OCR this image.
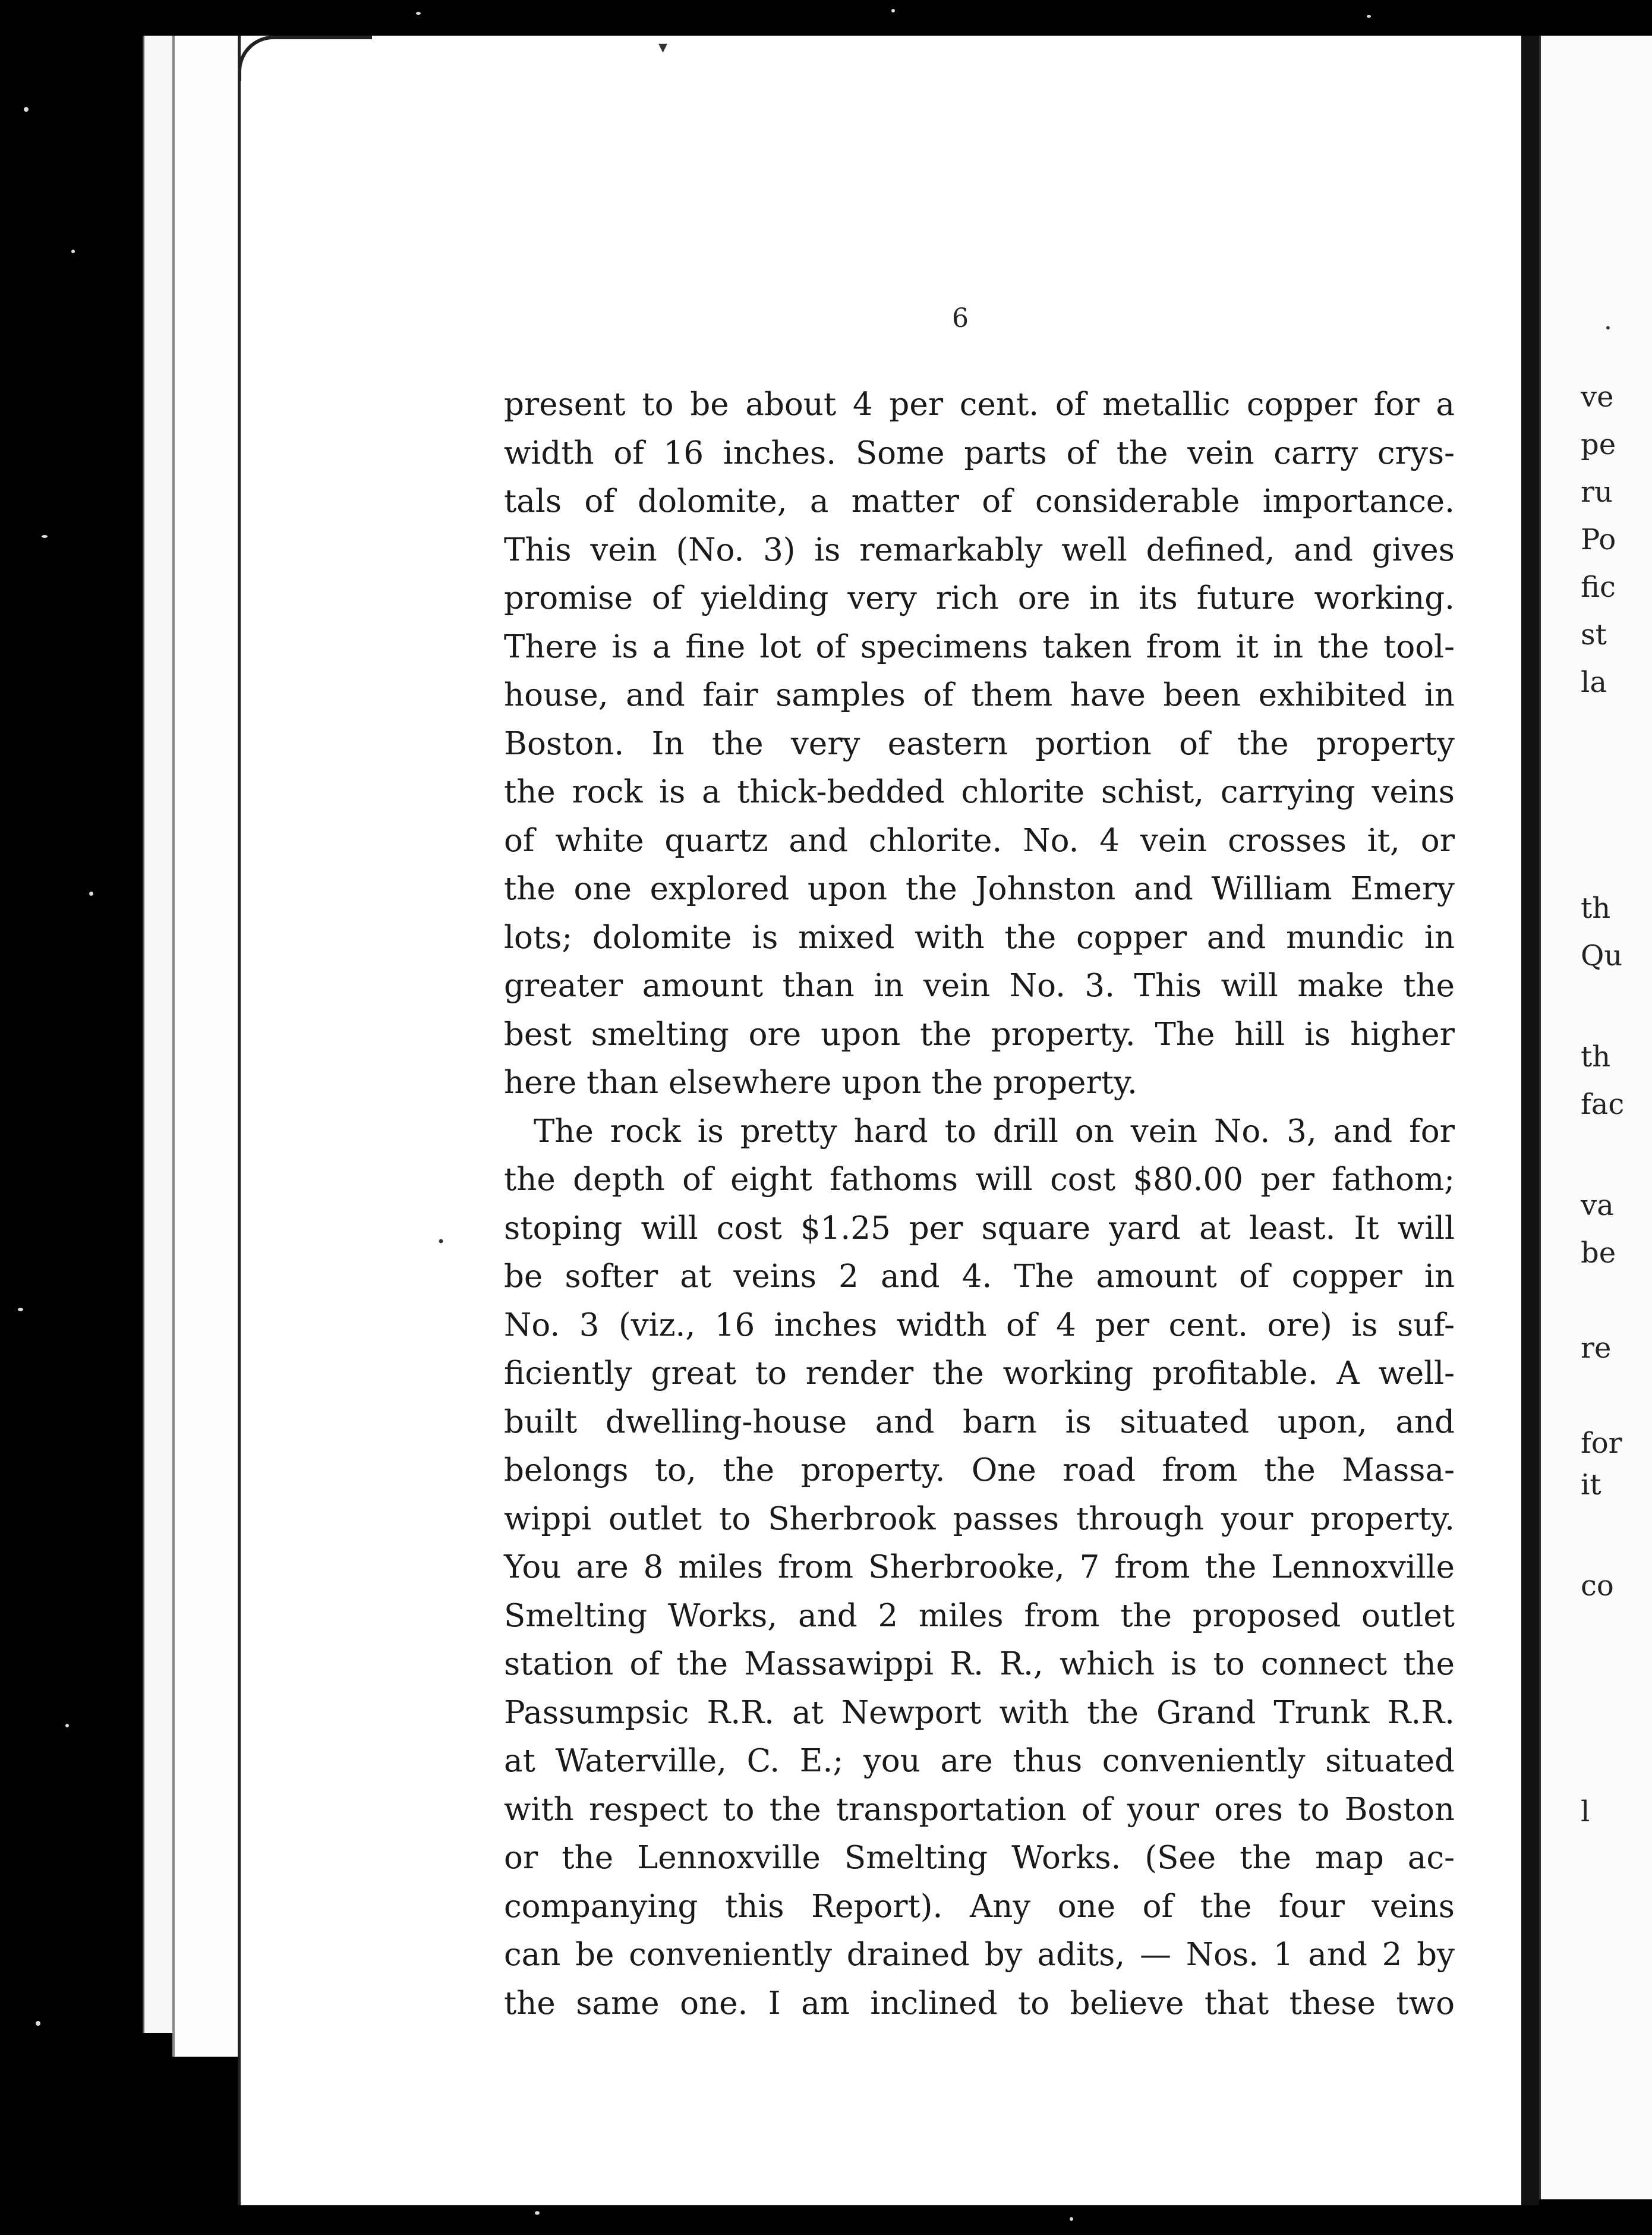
▾
•
•
6
present to be about 4 per cent. of metallic copper for a
width of 16 inches. Some parts of the vein carry crys-
tals of dolomite, a matter of considerable importance.
This vein (No. 3) is remarkably well defined, and gives
promise of yielding very rich ore in its future working.
There is a fine lot of specimens taken from it in the tool-
house, and fair samples of them have been exhibited in
Boston. In the very eastern portion of the property
the rock is a thick-bedded chlorite schist, carrying veins
of white quartz and chlorite. No. 4 vein crosses it, or
the one explored upon the Johnston and William Emery
lots; dolomite is mixed with the copper and mundic in
greater amount than in vein No. 3. This will make the
best smelting ore upon the property. The hill is higher
here than elsewhere upon the property.
The rock is pretty hard to drill on vein No. 3, and for
the depth of eight fathoms will cost $80.00 per fathom;
stoping will cost $1.25 per square yard at least. It will
be softer at veins 2 and 4. The amount of copper in
No. 3 (viz., 16 inches width of 4 per cent. ore) is suf-
ficiently great to render the working profitable. A well-
built dwelling-house and barn is situated upon, and
belongs to, the property. One road from the Massa-
wippi outlet to Sherbrook passes through your property.
You are 8 miles from Sherbrooke, 7 from the Lennoxville
Smelting Works, and 2 miles from the proposed outlet
station of the Massawippi R. R., which is to connect the
Passumpsic R.R. at Newport with the Grand Trunk R.R.
at Waterville, C. E.; you are thus conveniently situated
with respect to the transportation of your ores to Boston
or the Lennoxville Smelting Works. (See the map ac-
companying this Report). Any one of the four veins
can be conveniently drained by adits, — Nos. 1 and 2 by
the same one. I am inclined to believe that these two
ve
pe
ru
Po
fic
st
la
th
Qu
th
fac
va
be
re
for
it
co
l
